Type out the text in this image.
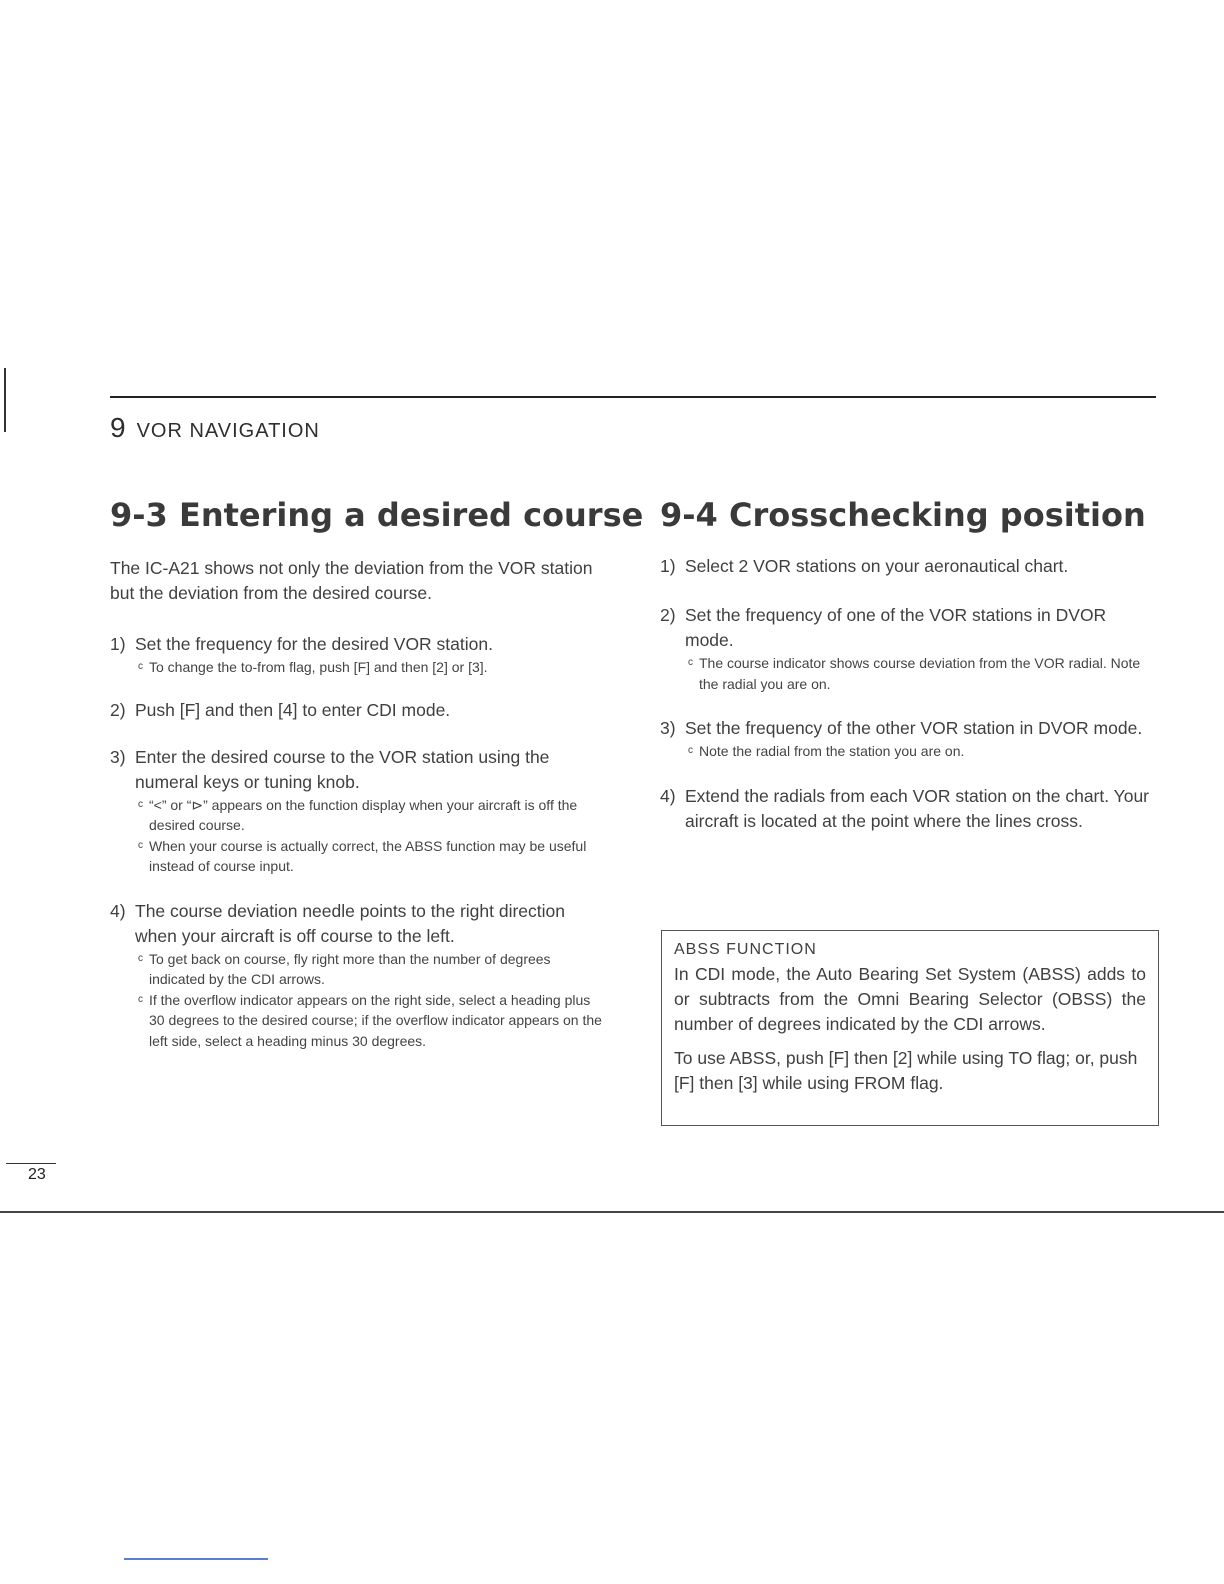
9 VOR NAVIGATION
9-3 Entering a desired course

The IC-A21 shows not only the deviation from the VOR station but the deviation from the desired course.

1) Set the frequency for the desired VOR station.

c To change the to-from flag, push [F] and then [2] or [3].
2) Push [F] and then [4] to enter CDI mode.

3) Enter the desired course to the VOR station using the numeral keys or tuning knob.

c “<” or “⊳” appears on the function display when your aircraft is off the desired course.
c When your course is actually correct, the ABSS function may be useful instead of course input.
4) The course deviation needle points to the right direction when your aircraft is off course to the left.

c To get back on course, fly right more than the number of degrees indicated by the CDI arrows.
c If the overflow indicator appears on the right side, select a heading plus 30 degrees to the desired course; if the overflow indicator appears on the left side, select a heading minus 30 degrees.
9-4 Crosschecking position
1) Select 2 VOR stations on your aeronautical chart.

2) Set the frequency of one of the VOR stations in DVOR mode.

c The course indicator shows course deviation from the VOR radial. Note the radial you are on.
3) Set the frequency of the other VOR station in DVOR mode.

c Note the radial from the station you are on.
4) Extend the radials from each VOR station on the chart. Your aircraft is located at the point where the lines cross.

ABSS FUNCTION

In CDI mode, the Auto Bearing Set System (ABSS) adds to or subtracts from the Omni Bearing Selector (OBSS) the number of degrees indicated by the CDI arrows.

To use ABSS, push [F] then [2] while using TO flag; or, push [F] then [3] while using FROM flag.

23
